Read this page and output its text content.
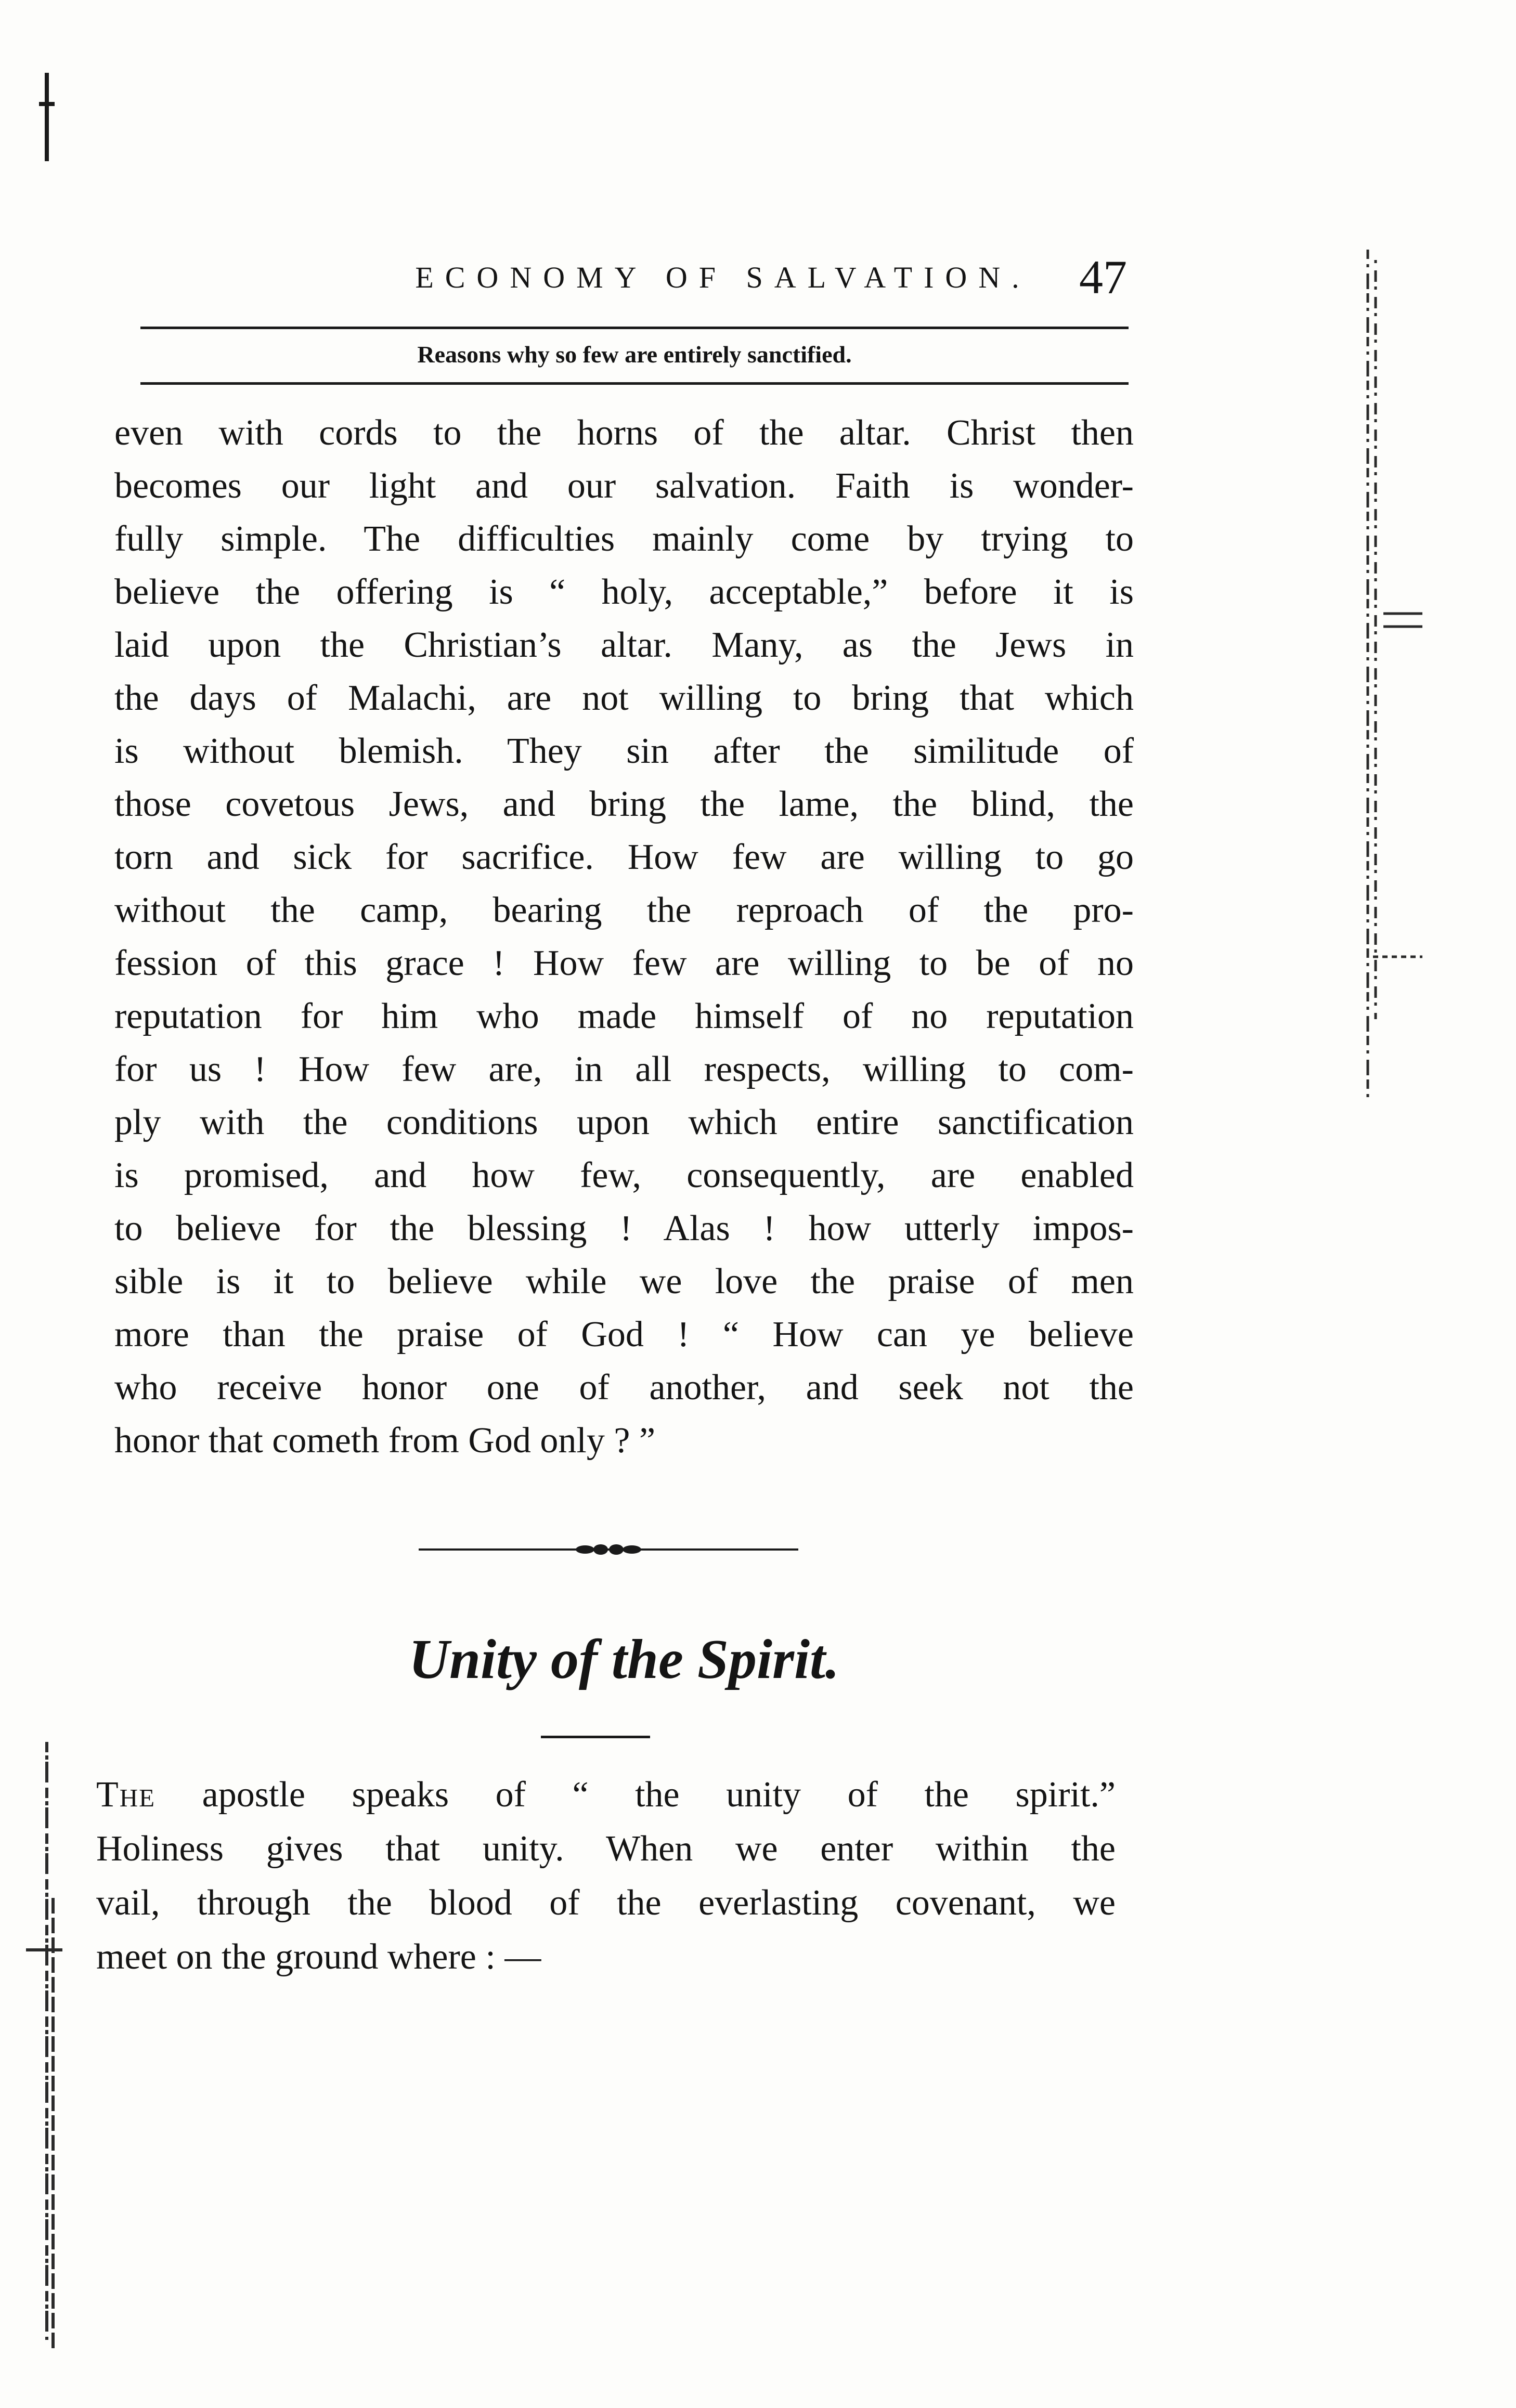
ECONOMY OF SALVATION.	47
Reasons why so few are entirely sanctified.
even with cords to the horns of the altar. Christ then
becomes our light and our salvation. Faith is wonder-
fully simple. The difficulties mainly come by trying to
believe the offering is “ holy, acceptable,” before it is
laid upon the Christian’s altar. Many, as the Jews in
the days of Malachi, are not willing to bring that which
is without blemish. They sin after the similitude of
those covetous Jews, and bring the lame, the blind, the
torn and sick for sacrifice. How few are willing to go
without the camp, bearing the reproach of the pro-
fession of this grace ! How few are willing to be of no
reputation for him who made himself of no reputation
for us ! How few are, in all respects, willing to com-
ply with the conditions upon which entire sanctification
is promised, and how few, consequently, are enabled
to believe for the blessing ! Alas ! how utterly impos-
sible is it to believe while we love the praise of men
more than the praise of God ! “ How can ye believe
who receive honor one of another, and seek not the
honor that cometh from God only ? ”
Unity of the Spirit.
The apostle speaks of “ the unity of the spirit.”
Holiness gives that unity. When we enter within the
vail, through the blood of the everlasting covenant, we
meet on the ground where : —
